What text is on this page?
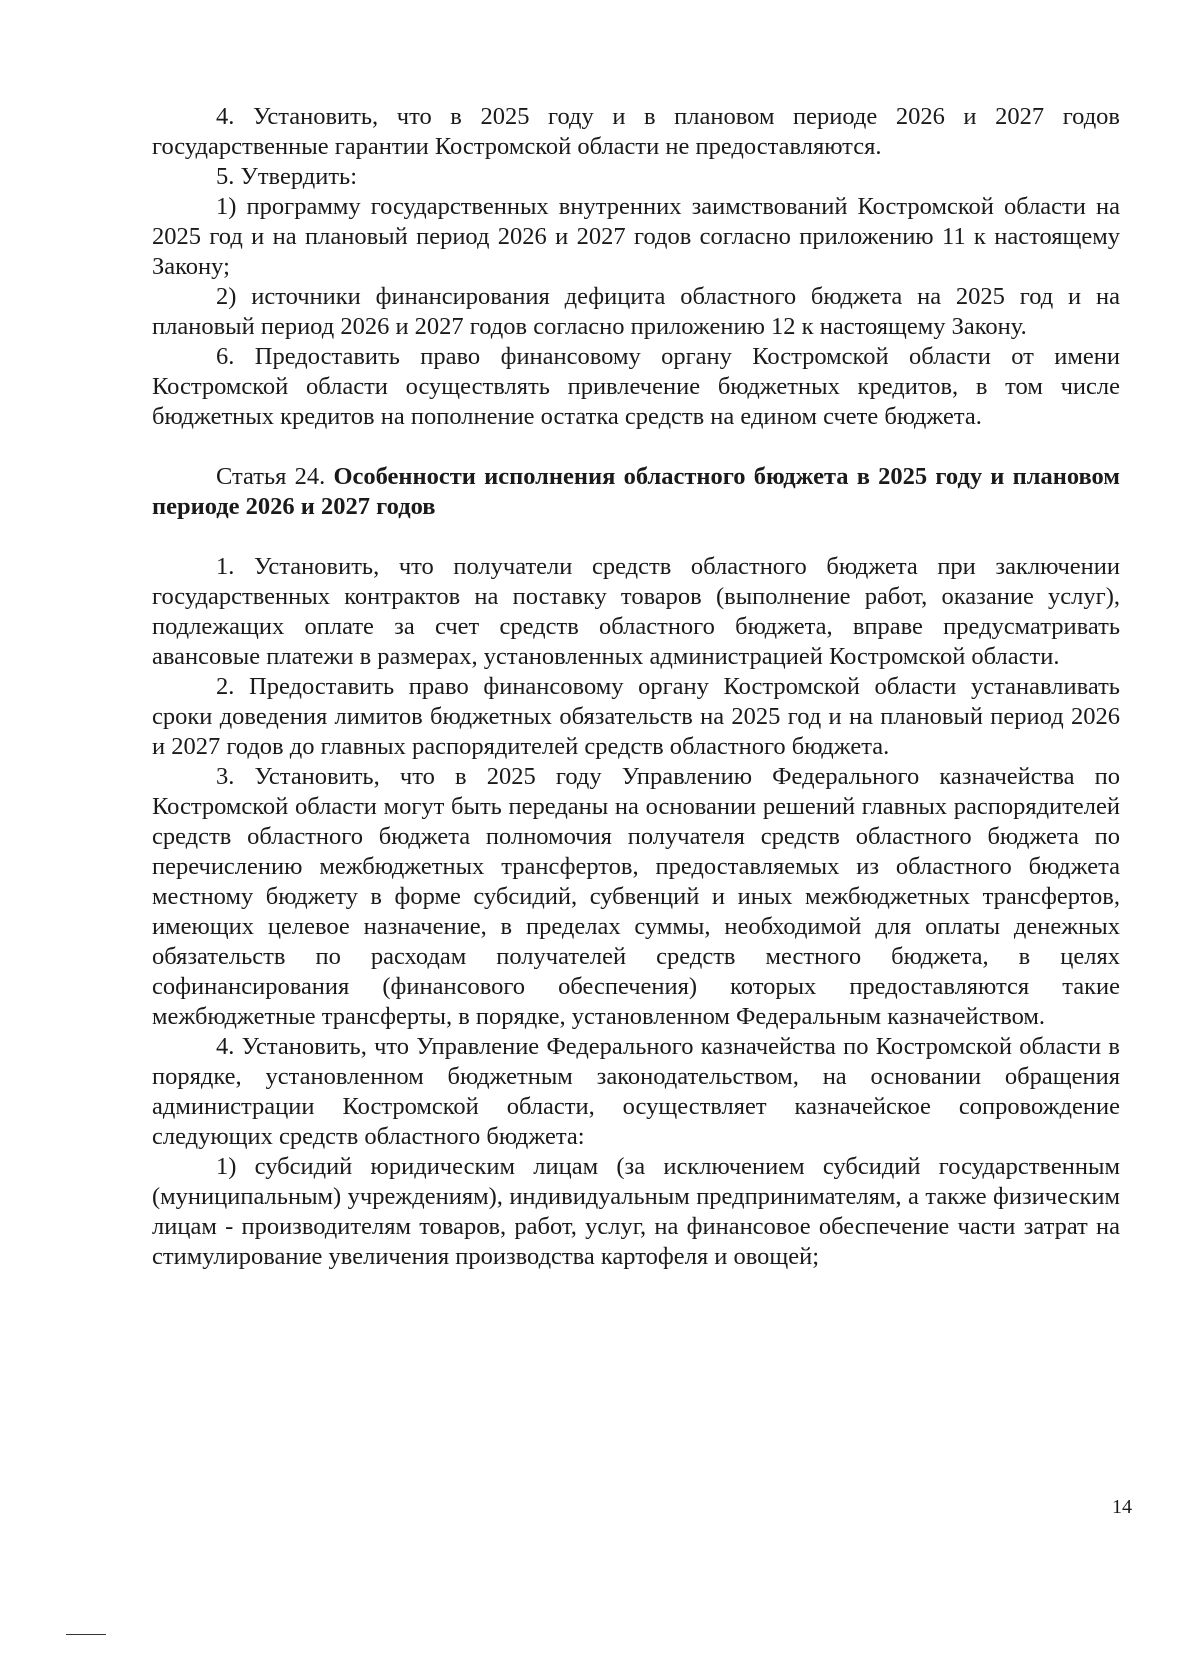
4. Установить, что в 2025 году и в плановом периоде 2026 и 2027 годов государственные гарантии Костромской области не предоставляются.

5. Утвердить:

1) программу государственных внутренних заимствований Костромской области на 2025 год и на плановый период 2026 и 2027 годов согласно приложению 11 к настоящему Закону;

2) источники финансирования дефицита областного бюджета на 2025 год и на плановый период 2026 и 2027 годов согласно приложению 12 к настоящему Закону.

6. Предоставить право финансовому органу Костромской области от имени Костромской области осуществлять привлечение бюджетных кредитов, в том числе бюджетных кредитов на пополнение остатка средств на едином счете бюджета.

Статья 24. Особенности исполнения областного бюджета в 2025 году и плановом периоде 2026 и 2027 годов

1. Установить, что получатели средств областного бюджета при заключении государственных контрактов на поставку товаров (выполнение работ, оказание услуг), подлежащих оплате за счет средств областного бюджета, вправе предусматривать авансовые платежи в размерах, установленных администрацией Костромской области.

2. Предоставить право финансовому органу Костромской области устанавливать сроки доведения лимитов бюджетных обязательств на 2025 год и на плановый период 2026 и 2027 годов до главных распорядителей средств областного бюджета.

3. Установить, что в 2025 году Управлению Федерального казначейства по Костромской области могут быть переданы на основании решений главных распорядителей средств областного бюджета полномочия получателя средств областного бюджета по перечислению межбюджетных трансфертов, предоставляемых из областного бюджета местному бюджету в форме субсидий, субвенций и иных межбюджетных трансфертов, имеющих целевое назначение, в пределах суммы, необходимой для оплаты денежных обязательств по расходам получателей средств местного бюджета, в целях софинансирования (финансового обеспечения) которых предоставляются такие межбюджетные трансферты, в порядке, установленном Федеральным казначейством.

4. Установить, что Управление Федерального казначейства по Костромской области в порядке, установленном бюджетным законодательством, на основании обращения администрации Костромской области, осуществляет казначейское сопровождение следующих средств областного бюджета:

1) субсидий юридическим лицам (за исключением субсидий государственным (муниципальным) учреждениям), индивидуальным предпринимателям, а также физическим лицам - производителям товаров, работ, услуг, на финансовое обеспечение части затрат на стимулирование увеличения производства картофеля и овощей;

14
